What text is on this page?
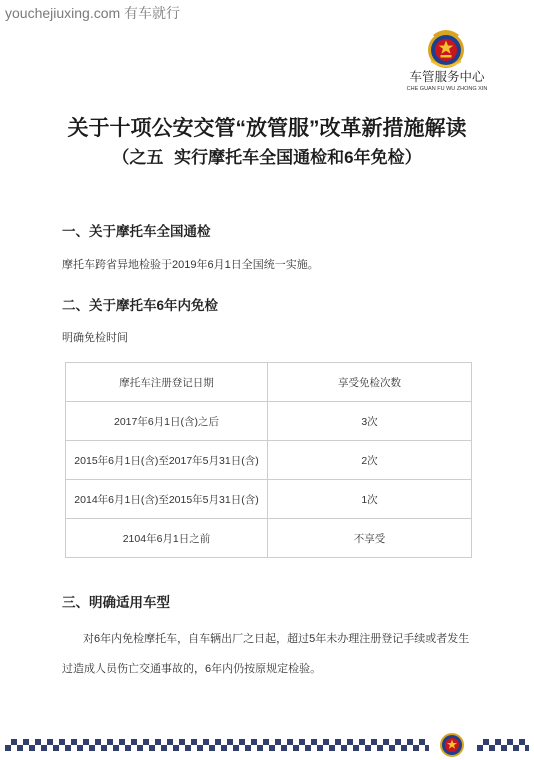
youchejiuxing.com 有车就行
车管服务中心
CHE GUAN FU WU ZHONG XIN
关于十项公安交管“放管服”改革新措施解读
（之五 实行摩托车全国通检和6年免检）
一、关于摩托车全国通检
摩托车跨省异地检验于2019年6月1日全国统一实施。
二、关于摩托车6年内免检
明确免检时间
摩托车注册登记日期	享受免检次数
2017年6月1日(含)之后	3次
2015年6月1日(含)至2017年5月31日(含)	2次
2014年6月1日(含)至2015年5月31日(含)	1次
2104年6月1日之前	不享受
三、明确适用车型
对6年内免检摩托车，自车辆出厂之日起，超过5年未办理注册登记手续或者发生过造成人员伤亡交通事故的，6年内仍按原规定检验。
